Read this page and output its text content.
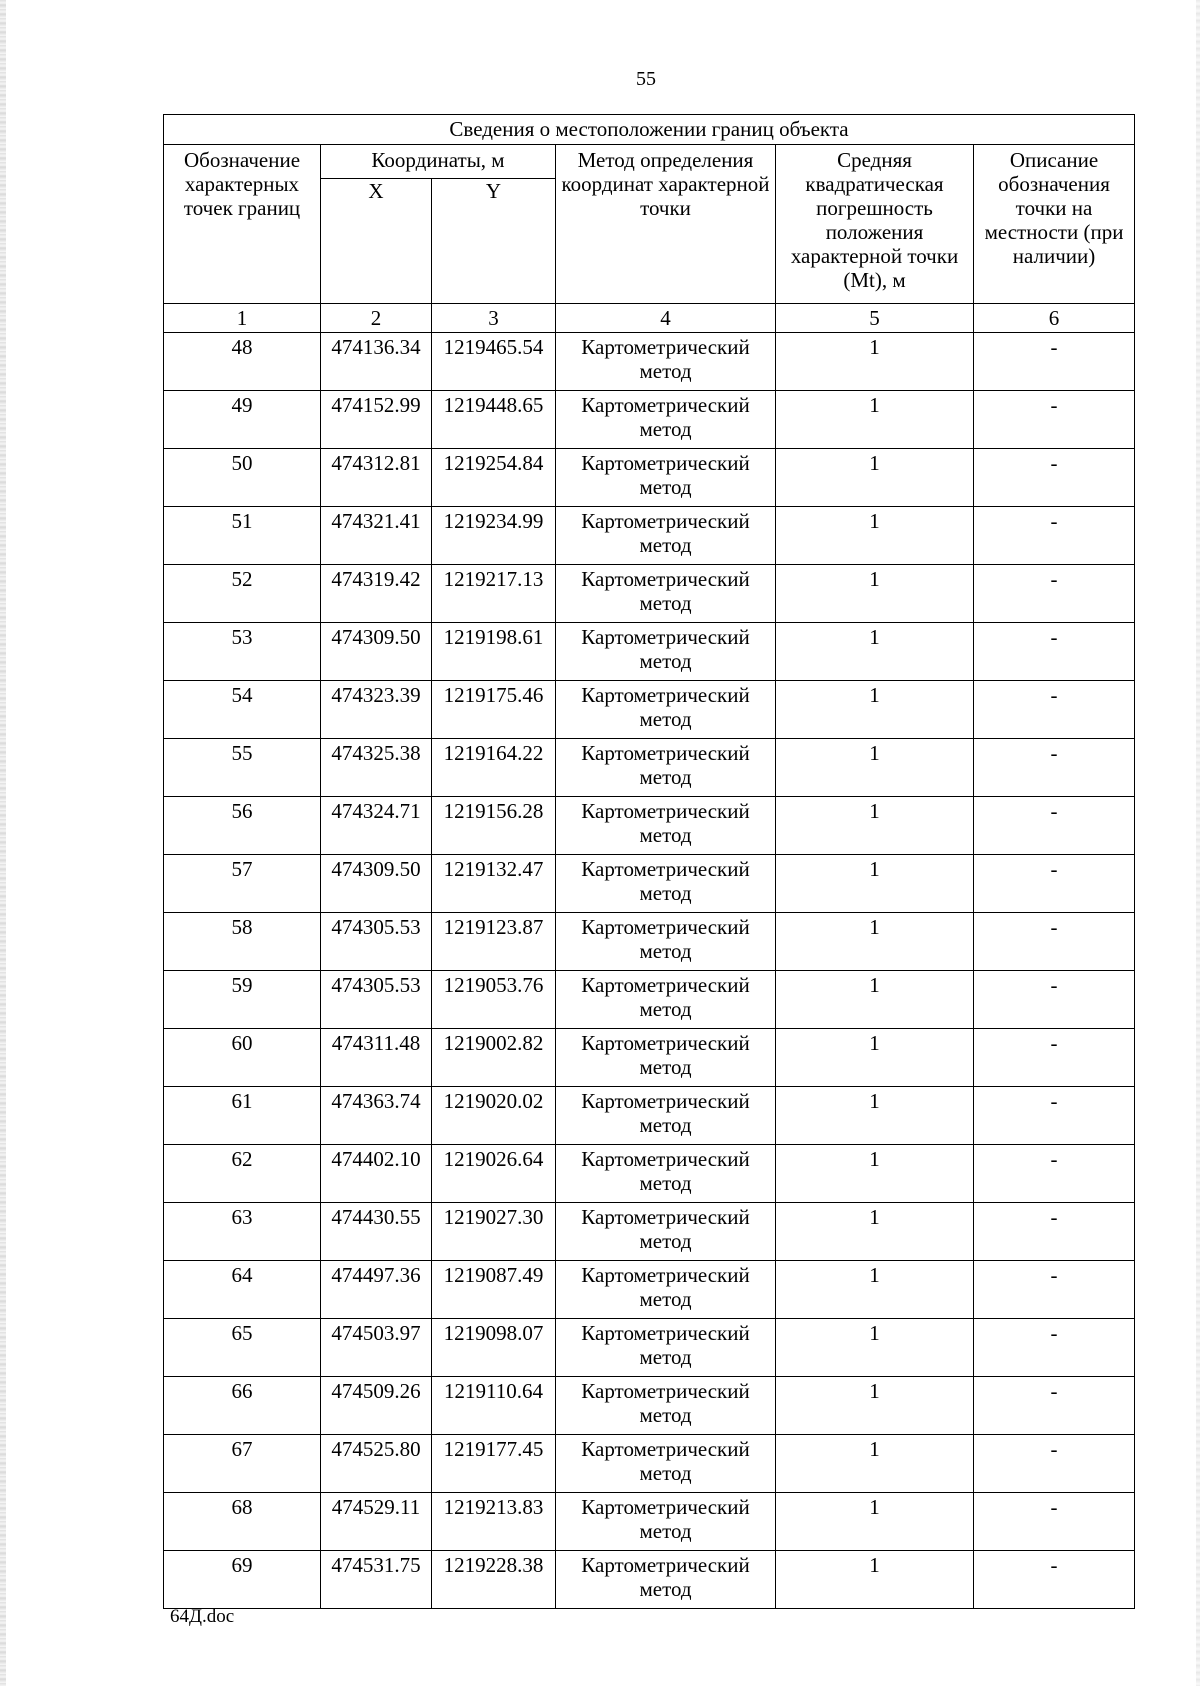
55
Сведения о местоположении границ объекта					
Обозначение характерных точек границ	Координаты, м		Метод определения координат характерной точки	Средняя квадратическая погрешность положения характерной точки (Mt), м	Описание обозначения точки на местности (при наличии)
	X	Y			
1	2	3	4	5	6
48	474136.34	1219465.54	Картометрический метод	1	-
49	474152.99	1219448.65	Картометрический метод	1	-
50	474312.81	1219254.84	Картометрический метод	1	-
51	474321.41	1219234.99	Картометрический метод	1	-
52	474319.42	1219217.13	Картометрический метод	1	-
53	474309.50	1219198.61	Картометрический метод	1	-
54	474323.39	1219175.46	Картометрический метод	1	-
55	474325.38	1219164.22	Картометрический метод	1	-
56	474324.71	1219156.28	Картометрический метод	1	-
57	474309.50	1219132.47	Картометрический метод	1	-
58	474305.53	1219123.87	Картометрический метод	1	-
59	474305.53	1219053.76	Картометрический метод	1	-
60	474311.48	1219002.82	Картометрический метод	1	-
61	474363.74	1219020.02	Картометрический метод	1	-
62	474402.10	1219026.64	Картометрический метод	1	-
63	474430.55	1219027.30	Картометрический метод	1	-
64	474497.36	1219087.49	Картометрический метод	1	-
65	474503.97	1219098.07	Картометрический метод	1	-
66	474509.26	1219110.64	Картометрический метод	1	-
67	474525.80	1219177.45	Картометрический метод	1	-
68	474529.11	1219213.83	Картометрический метод	1	-
69	474531.75	1219228.38	Картометрический метод	1	-
64Д.doc
